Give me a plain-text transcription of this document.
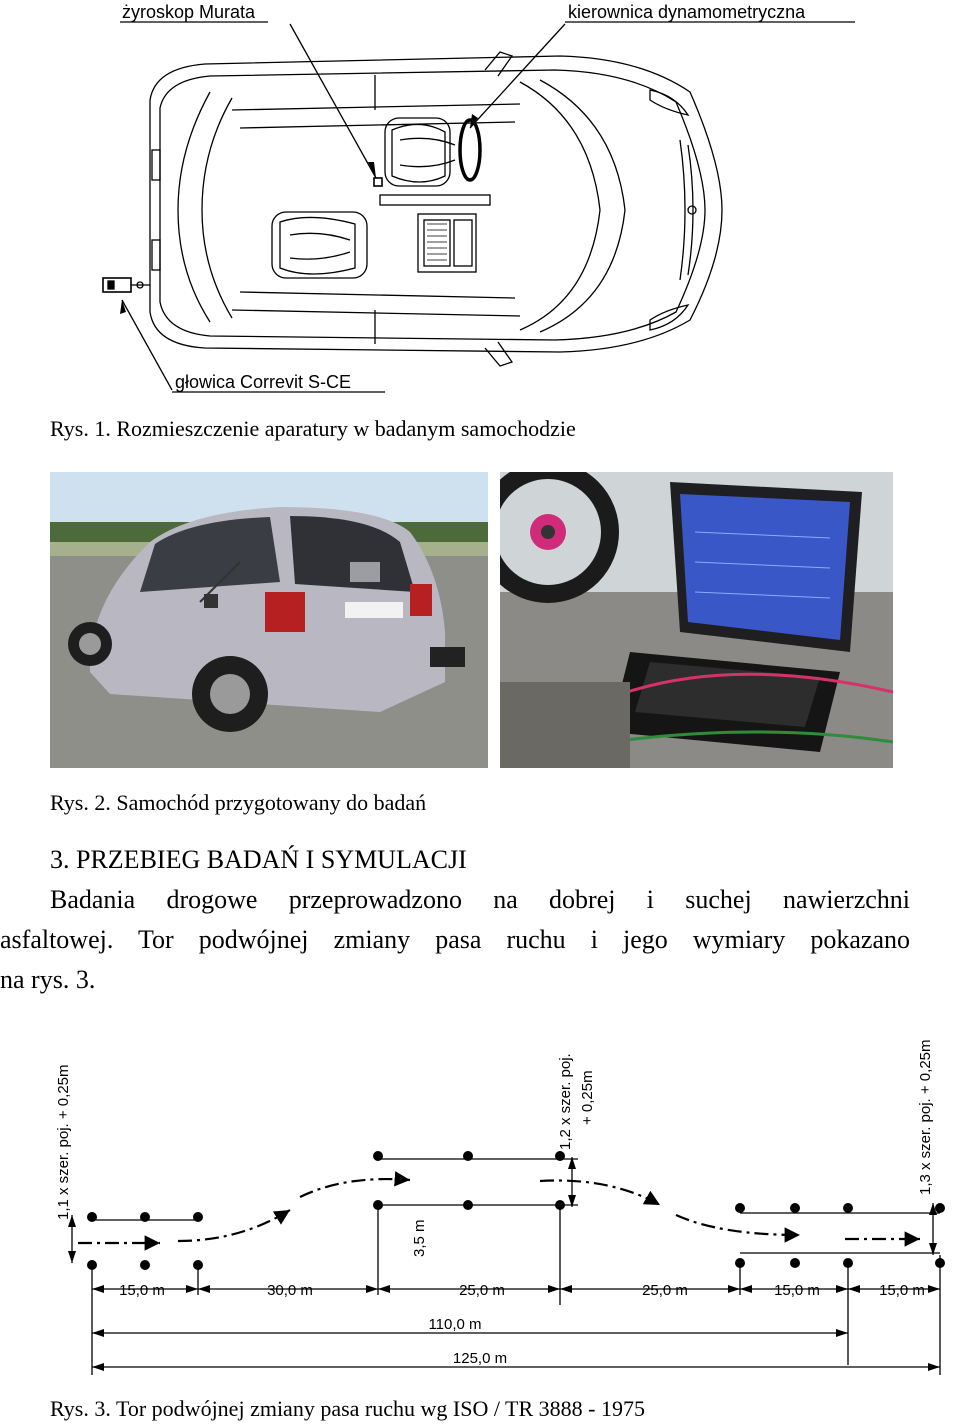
żyroskop Murata	kierownica dynamometryczna
głowica Correvit S-CE
Rys. 1. Rozmieszczenie aparatury w badanym samochodzie
Rys. 2. Samochód przygotowany do badań
3. PRZEBIEG BADAŃ I SYMULACJI
Badania drogowe przeprowadzono na dobrej i suchej nawierzchni
asfaltowej. Tor podwójnej zmiany pasa ruchu i jego wymiary pokazano
na rys. 3.
1,1 x szer. poj. + 0,25m	1,2 x szer. poj. + 0,25m	1,3 x szer. poj. + 0,25m
3,5 m
15,0 m	30,0 m	25,0 m	25,0 m	15,0 m	15,0 m
110,0 m
125,0 m
Rys. 3. Tor podwójnej zmiany pasa ruchu wg ISO / TR 3888 - 1975
